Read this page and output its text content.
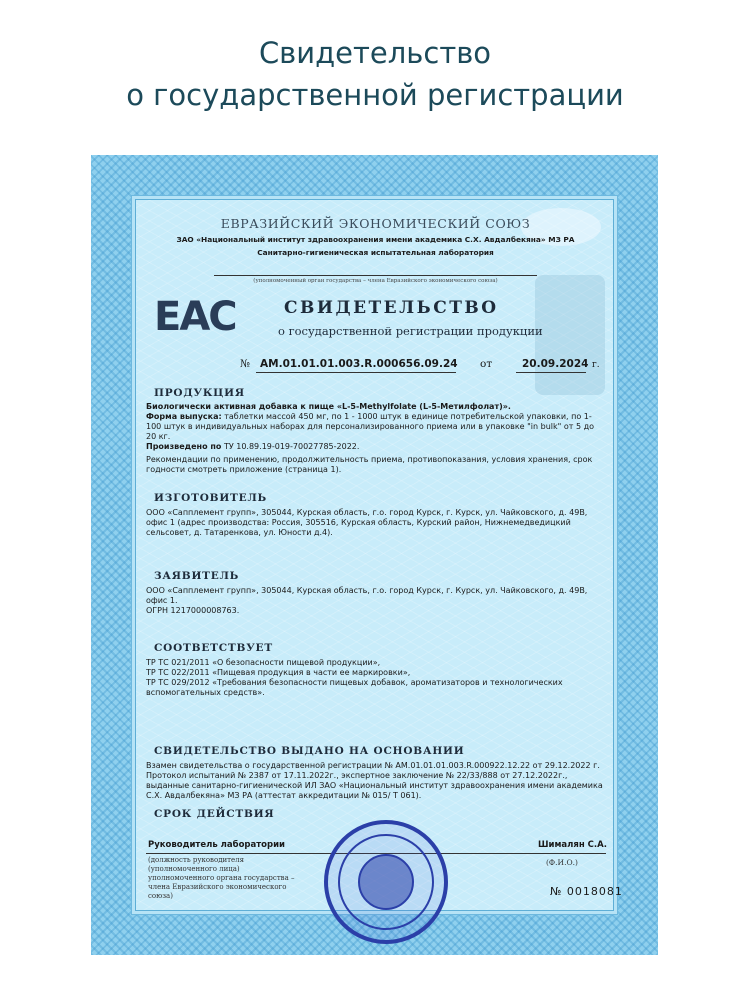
Свидетельство
о государственной регистрации
ЕВРАЗИЙСКИЙ ЭКОНОМИЧЕСКИЙ СОЮЗ
ЗАО «Национальный институт здравоохранения имени академика С.Х. Авдалбекяна» МЗ РА
Санитарно-гигиеническая испытательная лаборатория
(уполномоченный орган государства – члена Евразийского экономического союза)
ЕАС	СВИДЕТЕЛЬСТВО
о государственной регистрации продукции
№ AM.01.01.01.003.R.000656.09.24 от	20.09.2024 г.
ПРОДУКЦИЯ
Биологически активная добавка к пище «L-5-Methylfolate (L-5-Метилфолат)».
Форма выпуска: таблетки массой 450 мг, по 1 - 1000 штук в единице потребительской упаковки, по 1-100 штук в индивидуальных наборах для персонализированного приема или в упаковке "in bulk" от 5 до 20 кг.
Произведено по ТУ 10.89.19-019-70027785-2022.
Рекомендации по применению, продолжительность приема, противопоказания, условия хранения, срок годности смотреть приложение (страница 1).
ИЗГОТОВИТЕЛЬ
ООО «Сапплемент групп», 305044, Курская область, г.о. город Курск, г. Курск, ул. Чайковского, д. 49В, офис 1 (адрес производства: Россия, 305516, Курская область, Курский район, Нижнемедведицкий сельсовет, д. Татаренкова, ул. Юности д.4).
ЗАЯВИТЕЛЬ
ООО «Сапплемент групп», 305044, Курская область, г.о. город Курск, г. Курск, ул. Чайковского, д. 49В, офис 1.
ОГРН 1217000008763.
СООТВЕТСТВУЕТ
ТР ТС 021/2011 «О безопасности пищевой продукции»,
ТР ТС 022/2011 «Пищевая продукция в части ее маркировки»,
ТР ТС 029/2012 «Требования безопасности пищевых добавок, ароматизаторов и технологических вспомогательных средств».
СВИДЕТЕЛЬСТВО ВЫДАНО НА ОСНОВАНИИ
Взамен свидетельства о государственной регистрации № AM.01.01.01.003.R.000922.12.22 от 29.12.2022 г. Протокол испытаний № 2387 от 17.11.2022г., экспертное заключение № 22/33/888 от 27.12.2022г., выданные санитарно-гигиенической ИЛ ЗАО «Национальный институт здравоохранения имени академика С.Х. Авдалбекяна» МЗ РА (аттестат аккредитации № 015/ Т 061).
СРОК ДЕЙСТВИЯ
Руководитель лаборатории	Шималян С.А.
(должность руководителя (уполномоченного лица) уполномоченного органа государства – члена Евразийского экономического союза)
(Ф.И.О.)
№ 0018081
